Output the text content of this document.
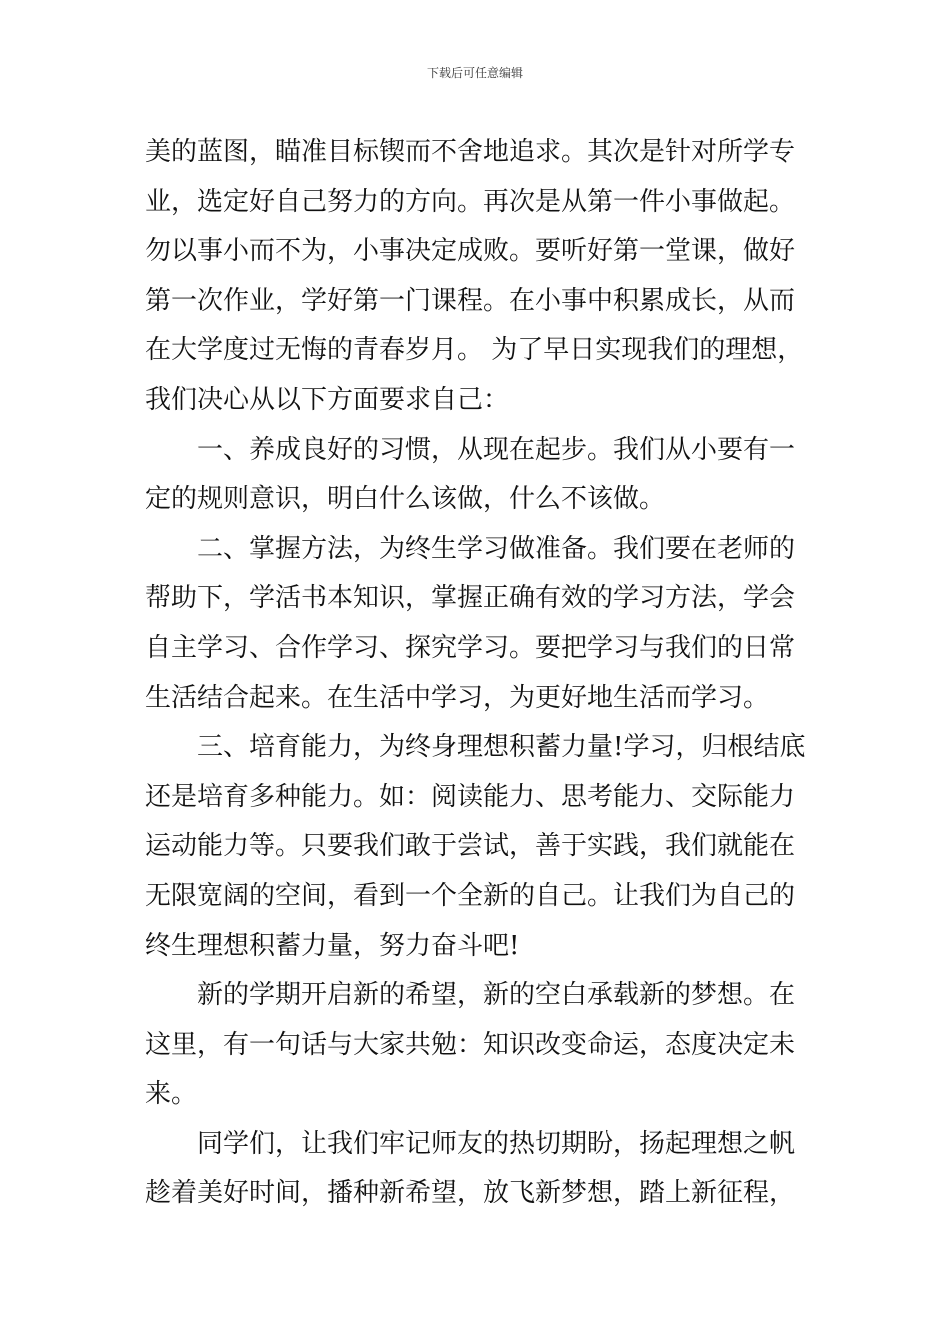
下载后可任意编辑
美的蓝图，瞄准目标锲而不舍地追求。其次是针对所学专
业，选定好自己努力的方向。再次是从第一件小事做起。
勿以事小而不为，小事决定成败。要听好第一堂课，做好
第一次作业，学好第一门课程。在小事中积累成长，从而
在大学度过无悔的青春岁月。 为了早日实现我们的理想，
我们决心从以下方面要求自己：
一、养成良好的习惯，从现在起步。我们从小要有一
定的规则意识，明白什么该做，什么不该做。
二、掌握方法，为终生学习做准备。我们要在老师的
帮助下，学活书本知识，掌握正确有效的学习方法，学会
自主学习、合作学习、探究学习。要把学习与我们的日常
生活结合起来。在生活中学习，为更好地生活而学习。
三、培育能力，为终身理想积蓄力量!学习，归根结底
还是培育多种能力。如：阅读能力、思考能力、交际能力
运动能力等。只要我们敢于尝试，善于实践，我们就能在
无限宽阔的空间，看到一个全新的自己。让我们为自己的
终生理想积蓄力量，努力奋斗吧!
新的学期开启新的希望，新的空白承载新的梦想。在
这里，有一句话与大家共勉：知识改变命运，态度决定未
来。
同学们，让我们牢记师友的热切期盼，扬起理想之帆
趁着美好时间，播种新希望，放飞新梦想，踏上新征程，
